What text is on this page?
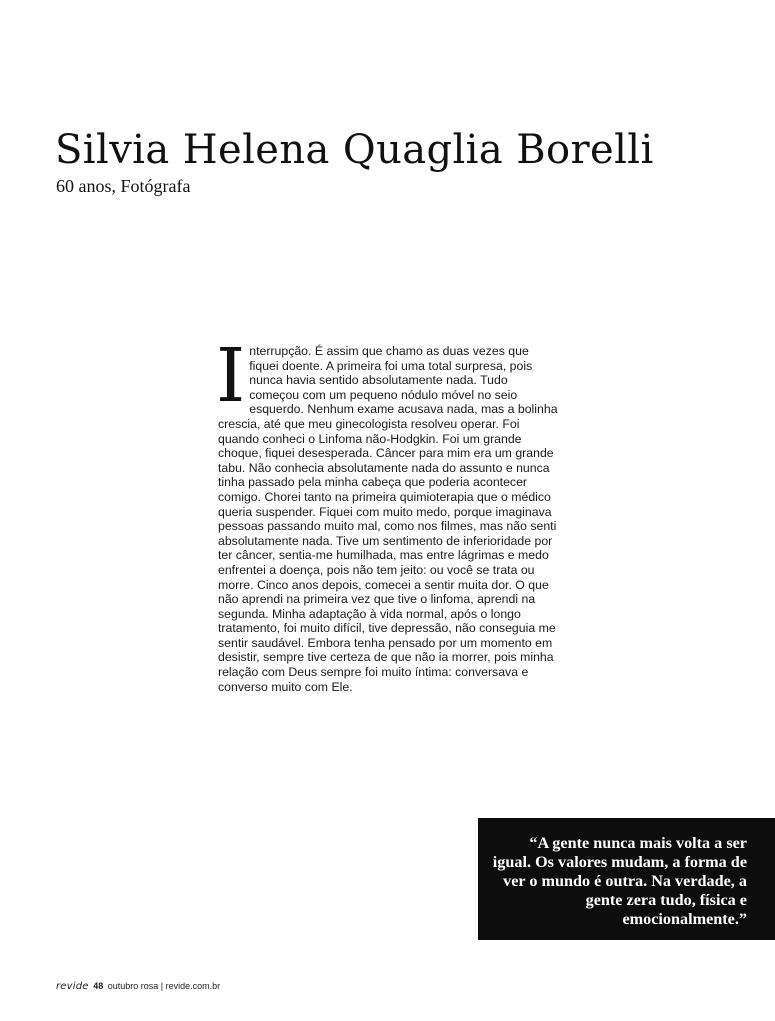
Silvia Helena Quaglia Borelli

60 anos, Fotógrafa

Interrupção. É assim que chamo as duas vezes que fiquei doente. A primeira foi uma total surpresa, pois nunca havia sentido absolutamente nada. Tudo começou com um pequeno nódulo móvel no seio esquerdo. Nenhum exame acusava nada, mas a bolinha crescia, até que meu ginecologista resolveu operar. Foi quando conheci o Linfoma não-Hodgkin. Foi um grande choque, fiquei desesperada. Câncer para mim era um grande tabu. Não conhecia absolutamente nada do assunto e nunca tinha passado pela minha cabeça que poderia acontecer comigo. Chorei tanto na primeira quimioterapia que o médico queria suspender. Fiquei com muito medo, porque imaginava pessoas passando muito mal, como nos filmes, mas não senti absolutamente nada. Tive um sentimento de inferioridade por ter câncer, sentia-me humilhada, mas entre lágrimas e medo enfrentei a doença, pois não tem jeito: ou você se trata ou morre. Cinco anos depois, comecei a sentir muita dor. O que não aprendi na primeira vez que tive o linfoma, aprendi na segunda. Minha adaptação à vida normal, após o longo tratamento, foi muito difícil, tive depressão, não conseguia me sentir saudável. Embora tenha pensado por um momento em desistir, sempre tive certeza de que não ia morrer, pois minha relação com Deus sempre foi muito íntima: conversava e converso muito com Ele.

“A gente nunca mais volta a ser igual. Os valores mudam, a forma de ver o mundo é outra. Na verdade, a gente zera tudo, física e emocionalmente.”

revide 48 outubro rosa | revide.com.br
